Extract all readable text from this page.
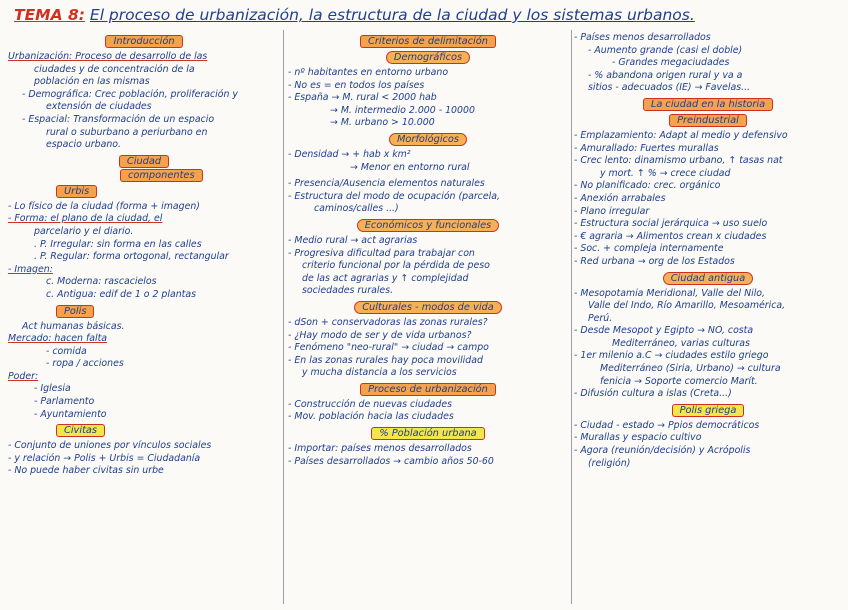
TEMA 8: El proceso de urbanización, la estructura de la ciudad y los sistemas urbanos.
Introducción
Urbanización: Proceso de desarrollo de las
ciudades y de concentración de la
población en las mismas
- Demográfica: Crec población, proliferación y
extensión de ciudades
- Espacial: Transformación de un espacio
rural o suburbano a periurbano en
espacio urbano.
Ciudad
componentes
Urbis
- Lo físico de la ciudad (forma + imagen)
- Forma: el plano de la ciudad, el
parcelario y el diario.
. P. Irregular: sin forma en las calles
. P. Regular: forma ortogonal, rectangular
- Imagen:
c. Moderna: rascacielos
c. Antigua: edif de 1 o 2 plantas
Polis
Act humanas básicas.
Mercado: hacen falta
- comida
- ropa / acciones
Poder:
- Iglesia
- Parlamento
- Ayuntamiento
Civitas
- Conjunto de uniones por vínculos sociales
- y relación → Polis + Urbis = Ciudadanía
- No puede haber civitas sin urbe
Criterios de delimitación
Demográficos
- nº habitantes en entorno urbano
- No es = en todos los países
- España → M. rural < 2000 hab
→ M. intermedio 2.000 - 10000
→ M. urbano > 10.000
Morfológicos
- Densidad → + hab x km²
→ Menor en entorno rural
- Presencia/Ausencia elementos naturales
- Estructura del modo de ocupación (parcela,
caminos/calles ...)
Económicos y funcionales
- Medio rural → act agrarias
- Progresiva dificultad para trabajar con
criterio funcional por la pérdida de peso
de las act agrarias y ↑ complejidad
sociedades rurales.
Culturales - modos de vida
- dSon + conservadoras las zonas rurales?
- ¿Hay modo de ser y de vida urbanos?
- Fenómeno "neo-rural" → ciudad → campo
- En las zonas rurales hay poca movilidad
y mucha distancia a los servicios
Proceso de urbanización
- Construcción de nuevas ciudades
- Mov. población hacia las ciudades
% Población urbana
- Importar: países menos desarrollados
- Países desarrollados → cambio años 50-60
- Países menos desarrollados
- Aumento grande (casi el doble)
- Grandes megaciudades
- % abandona origen rural y va a
sitios - adecuados (IE) → Favelas...
La ciudad en la historia
Preindustrial
- Emplazamiento: Adapt al medio y defensivo
- Amurallado: Fuertes murallas
- Crec lento: dinamismo urbano, ↑ tasas nat
y mort. ↑ % → crece ciudad
- No planificado: crec. orgánico
- Anexión arrabales
- Plano irregular
- Estructura social jerárquica → uso suelo
- € agraria → Alimentos crean x ciudades
- Soc. + compleja internamente
- Red urbana → org de los Estados
Ciudad antigua
- Mesopotamia Meridional, Valle del Nilo,
Valle del Indo, Río Amarillo, Mesoamérica,
Perú.
- Desde Mesopot y Egipto → NO, costa
Mediterráneo, varias culturas
- 1er milenio a.C → ciudades estilo griego
Mediterráneo (Siria, Urbano) → cultura
fenicia → Soporte comercio Marít.
- Difusión cultura a islas (Creta...)
Polis griega
- Ciudad - estado → Ppios democráticos
- Murallas y espacio cultivo
- Ágora (reunión/decisión) y Acrópolis
(religión)
